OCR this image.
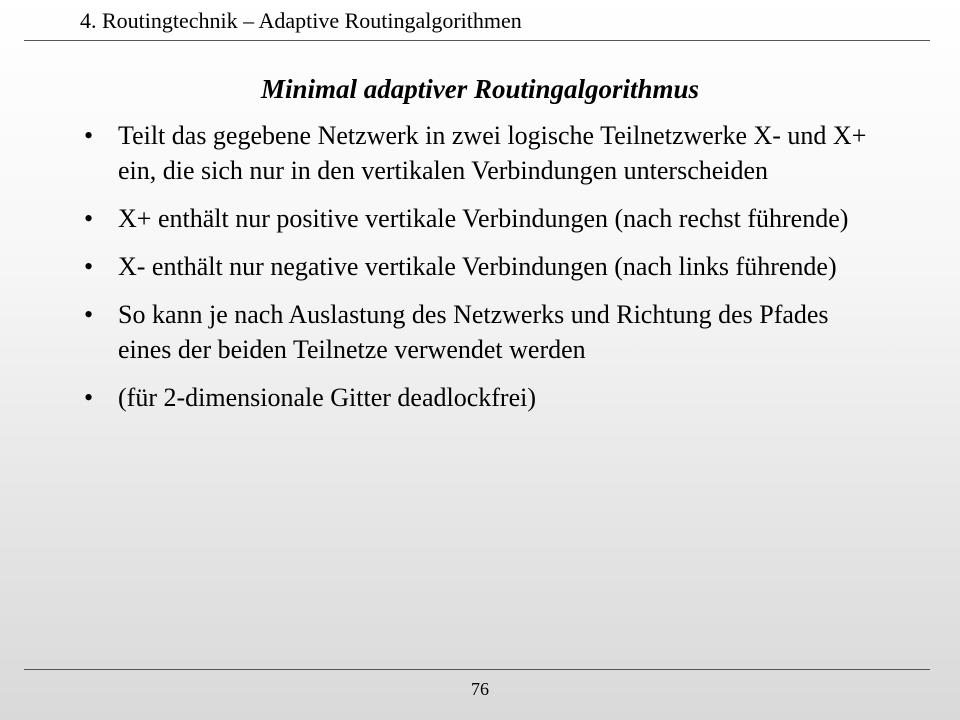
4. Routingtechnik – Adaptive Routingalgorithmen
Minimal adaptiver Routingalgorithmus
• Teilt das gegebene Netzwerk in zwei logische Teilnetzwerke X- und X+ ein, die sich nur in den vertikalen Verbindungen unterscheiden
• X+ enthält nur positive vertikale Verbindungen (nach rechst führende)
• X- enthält nur negative vertikale Verbindungen (nach links führende)
• So kann je nach Auslastung des Netzwerks und Richtung des Pfades eines der beiden Teilnetze verwendet werden
• (für 2-dimensionale Gitter deadlockfrei)
76
